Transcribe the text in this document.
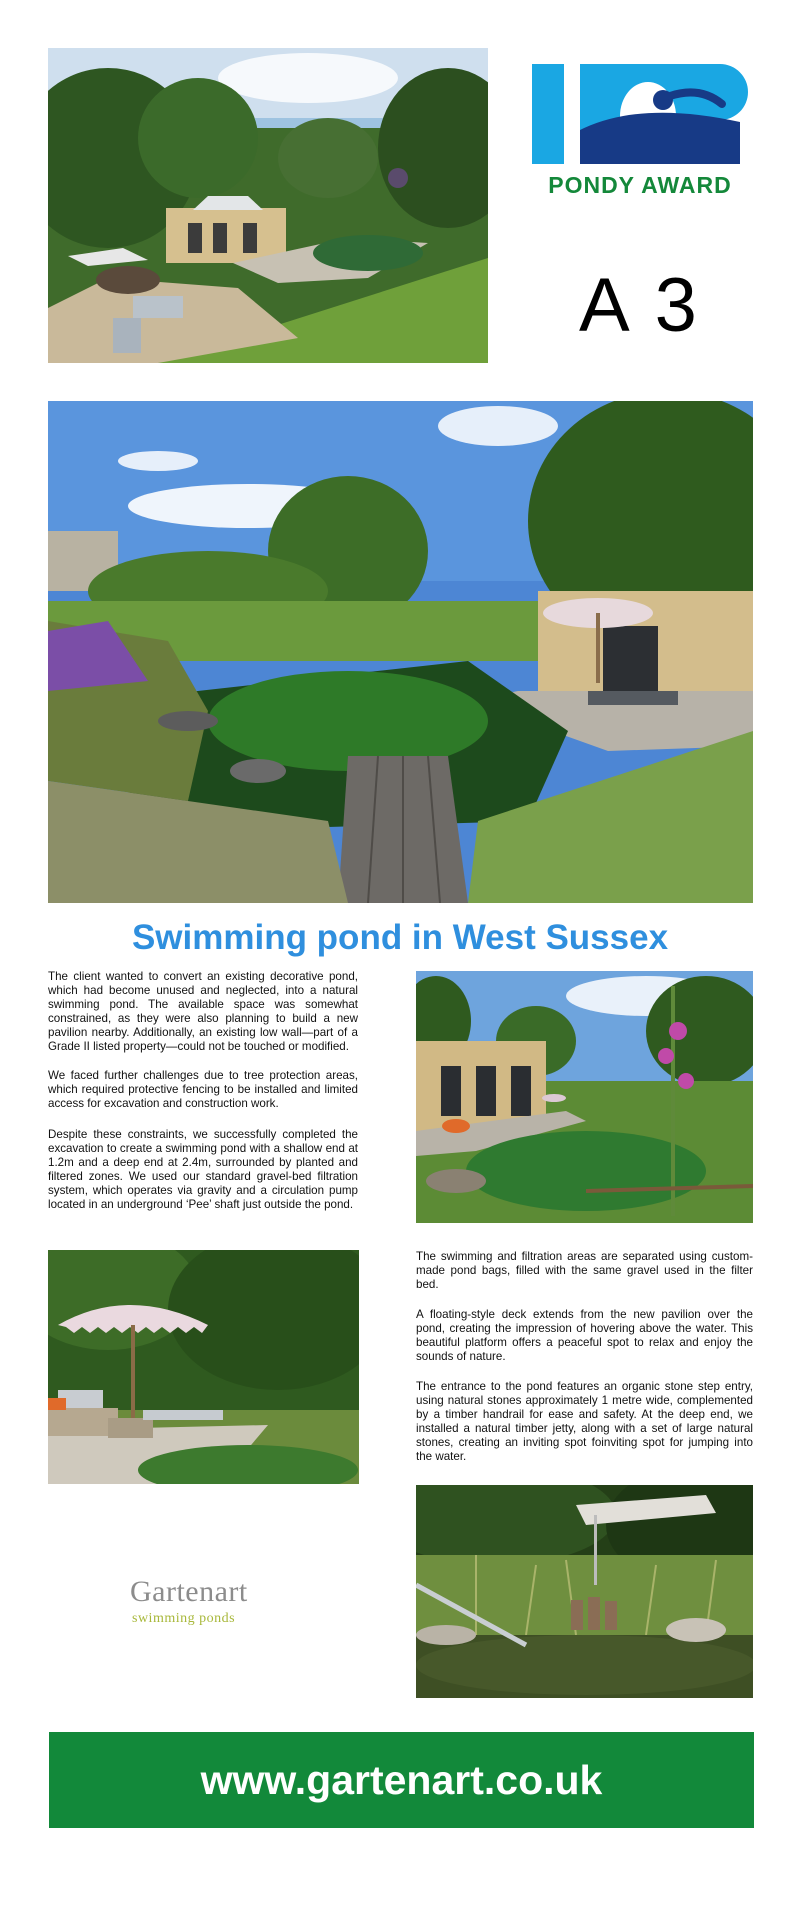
PONDY AWARD
A 3
Swimming pond in West Sussex

The client wanted to convert an existing decorative pond, which had become unused and neglected, into a natural swimming pond. The available space was somewhat constrained, as they were also planning to build a new pavilion nearby. Additionally, an existing low wall—part of a Grade II listed property—could not be touched or modified.

We faced further challenges due to tree protection areas, which required protective fencing to be installed and limited access for excavation and construction work.

Despite these constraints, we successfully completed the excavation to create a swimming pond with a shallow end at 1.2m and a deep end at 2.4m, surrounded by planted and filtered zones. We used our standard gravel-bed filtration system, which operates via gravity and a circulation pump located in an underground ‘Pee’ shaft just outside the pond.

The swimming and filtration areas are separated using custom-made pond bags, filled with the same gravel used in the filter bed.

A floating-style deck extends from the new pavilion over the pond, creating the impression of hovering above the water. This beautiful platform offers a peaceful spot to relax and enjoy the sounds of nature.

The entrance to the pond features an organic stone step entry, using natural stones approximately 1 metre wide, complemented by a timber handrail for ease and safety. At the deep end, we installed a natural timber jetty, along with a set of large natural stones, creating an inviting spot foinviting spot for jumping into the water.

Gartenart
swimming ponds
www.gartenart.co.uk
